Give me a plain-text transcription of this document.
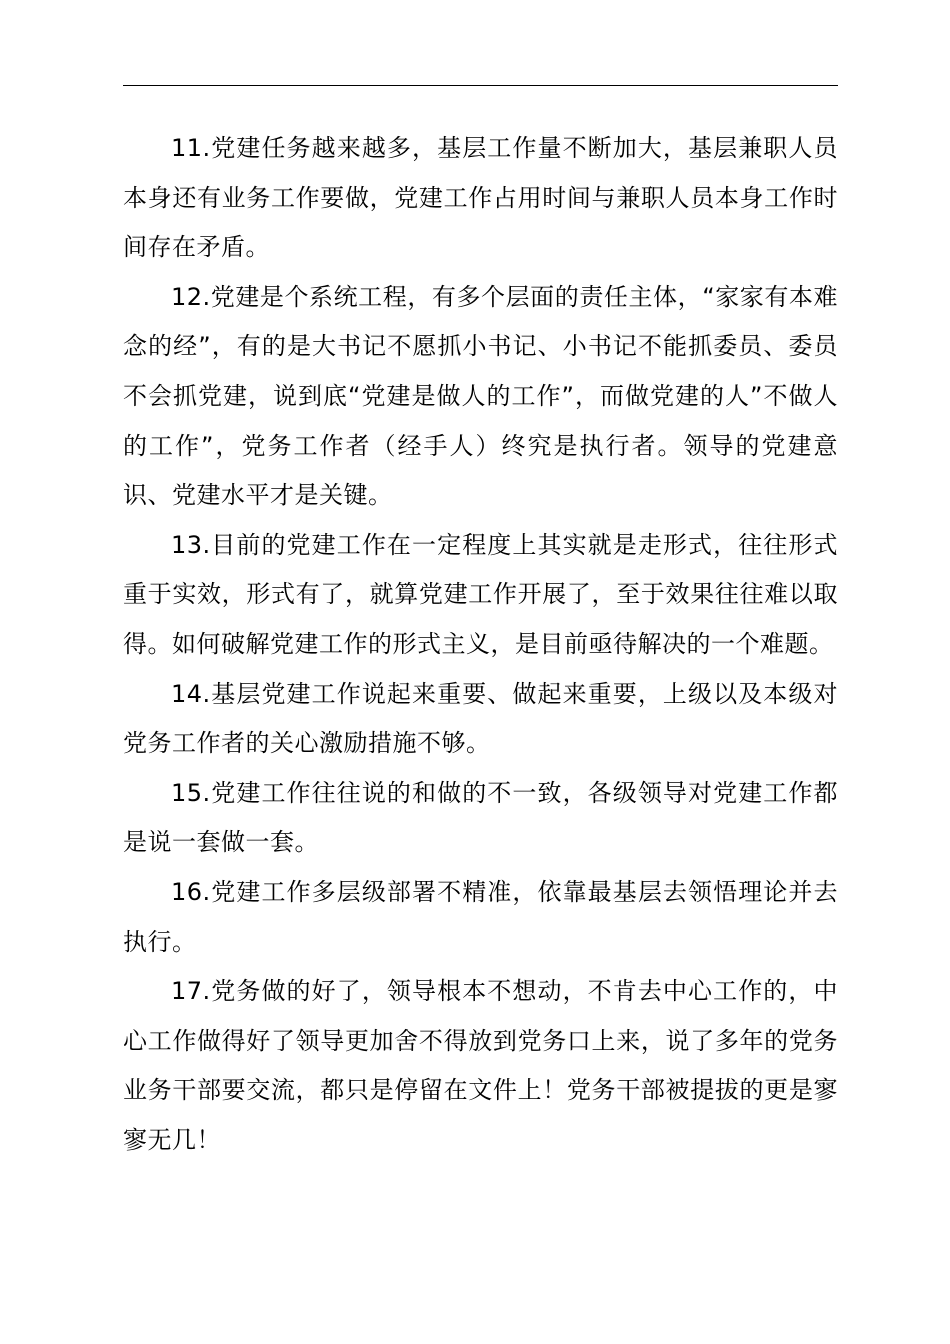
11.党建任务越来越多，基层工作量不断加大，基层兼职人员本身还有业务工作要做，党建工作占用时间与兼职人员本身工作时间存在矛盾。

12.党建是个系统工程，有多个层面的责任主体，“家家有本难念的经”，有的是大书记不愿抓小书记、小书记不能抓委员、委员不会抓党建，说到底“党建是做人的工作”，而做党建的人”不做人的工作”，党务工作者（经手人）终究是执行者。领导的党建意识、党建水平才是关键。

13.目前的党建工作在一定程度上其实就是走形式，往往形式重于实效，形式有了，就算党建工作开展了，至于效果往往难以取得。如何破解党建工作的形式主义，是目前亟待解决的一个难题。

14.基层党建工作说起来重要、做起来重要，上级以及本级对党务工作者的关心激励措施不够。

15.党建工作往往说的和做的不一致，各级领导对党建工作都是说一套做一套。

16.党建工作多层级部署不精准，依靠最基层去领悟理论并去执行。

17.党务做的好了，领导根本不想动，不肯去中心工作的，中心工作做得好了领导更加舍不得放到党务口上来，说了多年的党务业务干部要交流，都只是停留在文件上！党务干部被提拔的更是寥寥无几！
